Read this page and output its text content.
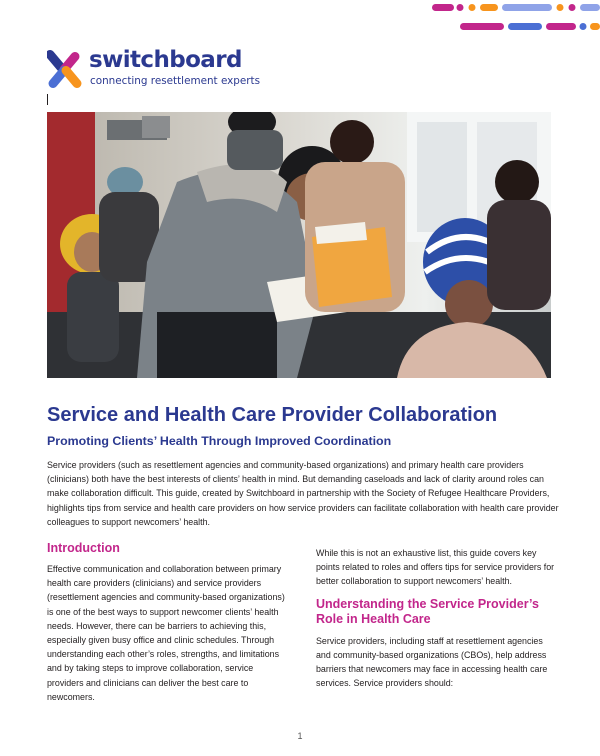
switchboard
connecting resettlement experts
Service and Health Care Provider Collaboration
Promoting Clients’ Health Through Improved Coordination

Service providers (such as resettlement agencies and community-based organizations) and primary health care providers (clinicians) both have the best interests of clients’ health in mind. But demanding caseloads and lack of clarity around roles can make collaboration difficult. This guide, created by Switchboard in partnership with the Society of Refugee Healthcare Providers, highlights tips from service and health care providers on how service providers can facilitate collaboration with health care provider colleagues to support newcomers’ health.

Introduction

Effective communication and collaboration between primary health care providers (clinicians) and service providers (resettlement agencies and community-based organizations) is one of the best ways to support newcomer clients’ health needs. However, there can be barriers to achieving this, especially given busy office and clinic schedules. Through understanding each other’s roles, strengths, and limitations and by taking steps to improve collaboration, service providers and clinicians can deliver the best care to newcomers.

While this is not an exhaustive list, this guide covers key points related to roles and offers tips for service providers for better collaboration to support newcomers’ health.

Understanding the Service Provider’s Role in Health Care

Service providers, including staff at resettlement agencies and community-based organizations (CBOs), help address barriers that newcomers may face in accessing health care services. Service providers should:

1
